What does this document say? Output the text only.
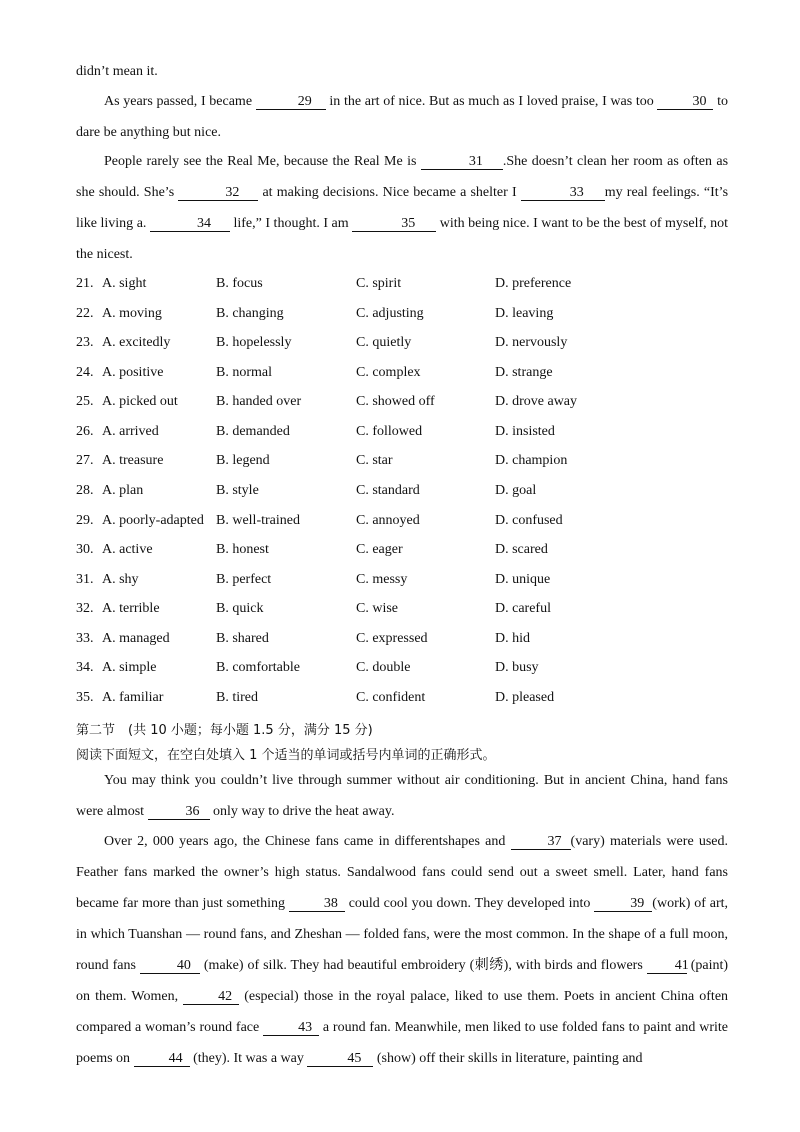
didn’t mean it.
As years passed, I became	29 in the art of nice. But as much as I loved praise, I was too	30 to dare be anything but nice.
People rarely see the Real Me, because the Real Me is	31 .She doesn’t clean her room as often as she should. She’s	32 at making decisions. Nice became a shelter I	33 my real feelings. “It’s like living a.	34 life,” I thought. I am	35 with being nice. I want to be the best of myself, not the nicest.
21. A. sight	B. focus	C. spirit	D. preference
22. A. moving	B. changing	C. adjusting	D. leaving
23. A. excitedly	B. hopelessly	C. quietly	D. nervously
24. A. positive	B. normal	C. complex	D. strange
25. A. picked out	B. handed over	C. showed off	D. drove away
26. A. arrived	B. demanded	C. followed	D. insisted
27. A. treasure	B. legend	C. star	D. champion
28. A. plan	B. style	C. standard	D. goal
29. A. poorly-adapted B. well-trained	C. annoyed	D. confused
30. A. active	B. honest	C. eager	D. scared
31. A. shy	B. perfect	C. messy	D. unique
32. A. terrible	B. quick	C. wise	D. careful
33. A. managed	B. shared	C. expressed	D. hid
34. A. simple	B. comfortable	C. double	D. busy
35. A. familiar	B. tired	C. confident	D. pleased
第二节　(共 10 小题；每小题 1.5 分，满分 15 分)
阅读下面短文，在空白处填入 1 个适当的单词或括号内单词的正确形式。
You may think you couldn’t live through summer without air conditioning. But in ancient China, hand fans were almost	36 only way to drive the heat away.
Over 2, 000 years ago, the Chinese fans came in differentshapes and	37 (vary) materials were used. Feather fans marked the owner’s high status. Sandalwood fans could send out a sweet smell. Later, hand fans became far more than just something	38 could cool you down. They developed into	39 (work) of art, in which Tuanshan — round fans, and Zheshan — folded fans, were the most common. In the shape of a full moon, round fans	40 (make) of silk. They had beautiful embroidery (刺绣), with birds and flowers 41 (paint) on them. Women,	42 (especial) those in the royal palace, liked to use them. Poets in ancient China often compared a woman’s round face	43 a round fan. Meanwhile, men liked to use folded fans to paint and write poems on	44 (they). It was a way	45 (show) off their skills in literature, painting and
